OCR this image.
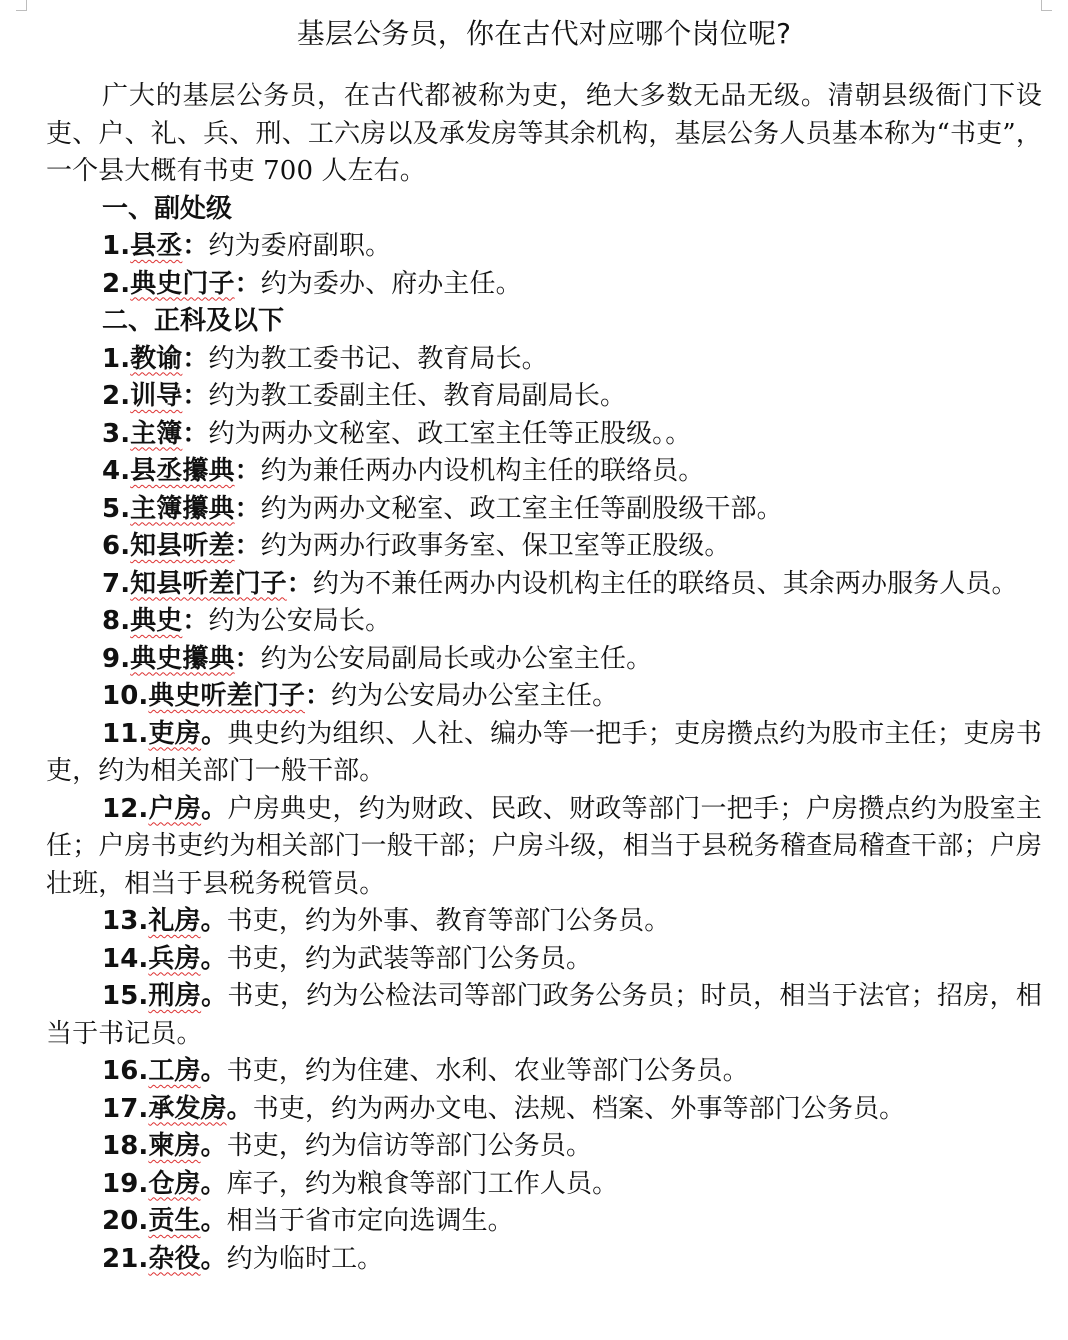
基层公务员，你在古代对应哪个岗位呢?

广大的基层公务员，在古代都被称为吏，绝大多数无品无级。清朝县级衙门下设吏、户、礼、兵、刑、工六房以及承发房等其余机构，基层公务人员基本称为“书吏”，一个县大概有书吏 700 人左右。

一、副处级

1.县丞：约为委府副职。

2.典史门子：约为委办、府办主任。

二、正科及以下

1.教谕：约为教工委书记、教育局长。

2.训导：约为教工委副主任、教育局副局长。

3.主簿：约为两办文秘室、政工室主任等正股级。。

4.县丞攥典：约为兼任两办内设机构主任的联络员。

5.主簿攥典：约为两办文秘室、政工室主任等副股级干部。

6.知县听差：约为两办行政事务室、保卫室等正股级。

7.知县听差门子：约为不兼任两办内设机构主任的联络员、其余两办服务人员。

8.典史：约为公安局长。

9.典史攥典：约为公安局副局长或办公室主任。

10.典史听差门子：约为公安局办公室主任。

11.吏房。典史约为组织、人社、编办等一把手；吏房攒点约为股市主任；吏房书吏，约为相关部门一般干部。

12.户房。户房典史，约为财政、民政、财政等部门一把手；户房攒点约为股室主任；户房书吏约为相关部门一般干部；户房斗级，相当于县税务稽查局稽查干部；户房壮班，相当于县税务税管员。

13.礼房。书吏，约为外事、教育等部门公务员。

14.兵房。书吏，约为武装等部门公务员。

15.刑房。书吏，约为公检法司等部门政务公务员；时员，相当于法官；招房，相当于书记员。

16.工房。书吏，约为住建、水利、农业等部门公务员。

17.承发房。书吏，约为两办文电、法规、档案、外事等部门公务员。

18.柬房。书吏，约为信访等部门公务员。

19.仓房。库子，约为粮食等部门工作人员。

20.贡生。相当于省市定向选调生。

21.杂役。约为临时工。
